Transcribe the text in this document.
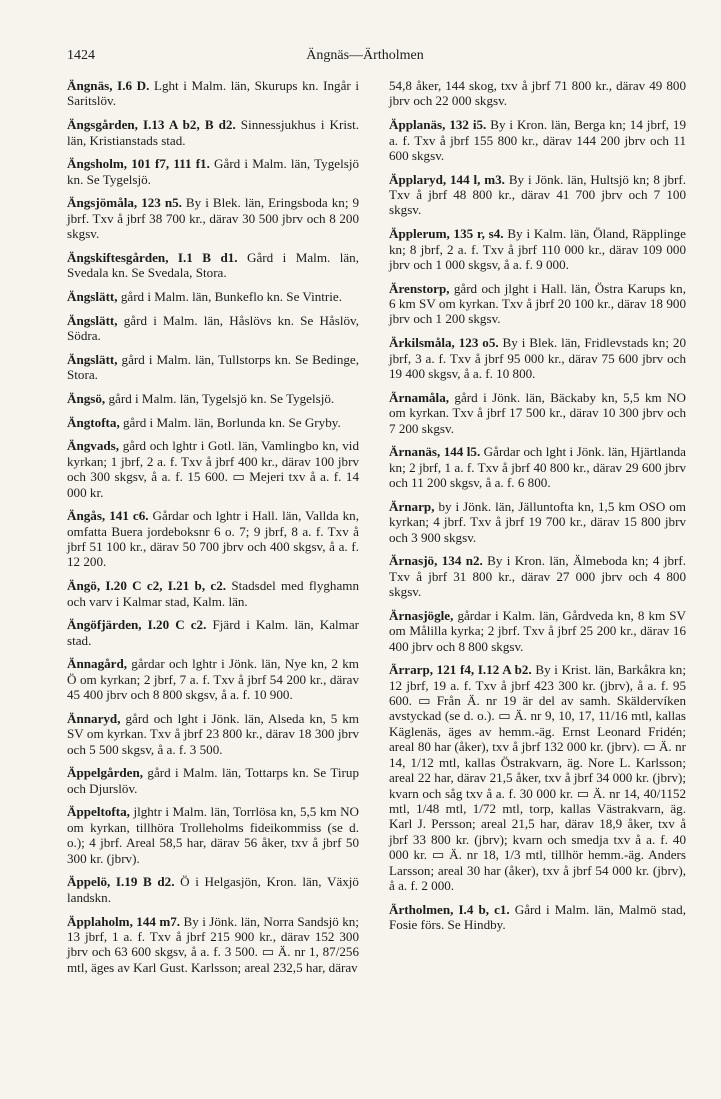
1424	Ängnäs—Ärtholmen

Ängnäs, I.6 D. Lght i Malm. län, Skurups kn. Ingår i Saritslöv.

Ängsgården, I.13 A b2, B d2. Sinnessjukhus i Krist. län, Kristianstads stad.

Ängsholm, 101 f7, 111 f1. Gård i Malm. län, Tygelsjö kn. Se Tygelsjö.

Ängsjömåla, 123 n5. By i Blek. län, Eringsboda kn; 9 jbrf. Txv å jbrf 38 700 kr., därav 30 500 jbrv och 8 200 skgsv.

Ängskiftesgården, I.1 B d1. Gård i Malm. län, Svedala kn. Se Svedala, Stora.

Ängslätt, gård i Malm. län, Bunkeflo kn. Se Vintrie.

Ängslätt, gård i Malm. län, Håslövs kn. Se Håslöv, Södra.

Ängslätt, gård i Malm. län, Tullstorps kn. Se Bedinge, Stora.

Ängsö, gård i Malm. län, Tygelsjö kn. Se Tygelsjö.

Ängtofta, gård i Malm. län, Borlunda kn. Se Gryby.

Ängvads, gård och lghtr i Gotl. län, Vamlingbo kn, vid kyrkan; 1 jbrf, 2 a. f. Txv å jbrf 400 kr., därav 100 jbrv och 300 skgsv, å a. f. 15 600. ▭ Mejeri txv å a. f. 14 000 kr.

Ängås, 141 c6. Gårdar och lghtr i Hall. län, Vallda kn, omfatta Buera jordeboksnr 6 o. 7; 9 jbrf, 8 a. f. Txv å jbrf 51 100 kr., därav 50 700 jbrv och 400 skgsv, å a. f. 12 200.

Ängö, I.20 C c2, I.21 b, c2. Stadsdel med flyghamn och varv i Kalmar stad, Kalm. län.

Ängöfjärden, I.20 C c2. Fjärd i Kalm. län, Kalmar stad.

Ännagård, gårdar och lghtr i Jönk. län, Nye kn, 2 km Ö om kyrkan; 2 jbrf, 7 a. f. Txv å jbrf 54 200 kr., därav 45 400 jbrv och 8 800 skgsv, å a. f. 10 900.

Ännaryd, gård och lght i Jönk. län, Alseda kn, 5 km SV om kyrkan. Txv å jbrf 23 800 kr., därav 18 300 jbrv och 5 500 skgsv, å a. f. 3 500.

Äppelgården, gård i Malm. län, Tottarps kn. Se Tirup och Djurslöv.

Äppeltofta, jlghtr i Malm. län, Torrlösa kn, 5,5 km NO om kyrkan, tillhöra Trolleholms fideikommiss (se d. o.); 4 jbrf. Areal 58,5 har, därav 56 åker, txv å jbrf 50 300 kr. (jbrv).

Äppelö, I.19 B d2. Ö i Helgasjön, Kron. län, Växjö landskn.

Äpplaholm, 144 m7. By i Jönk. län, Norra Sandsjö kn; 13 jbrf, 1 a. f. Txv å jbrf 215 900 kr., därav 152 300 jbrv och 63 600 skgsv, å a. f. 3 500. ▭ Ä. nr 1, 87/256 mtl, äges av Karl Gust. Karlsson; areal 232,5 har, därav

54,8 åker, 144 skog, txv å jbrf 71 800 kr., därav 49 800 jbrv och 22 000 skgsv.

Äpplanäs, 132 i5. By i Kron. län, Berga kn; 14 jbrf, 19 a. f. Txv å jbrf 155 800 kr., därav 144 200 jbrv och 11 600 skgsv.

Äpplaryd, 144 l, m3. By i Jönk. län, Hultsjö kn; 8 jbrf. Txv å jbrf 48 800 kr., därav 41 700 jbrv och 7 100 skgsv.

Äpplerum, 135 r, s4. By i Kalm. län, Öland, Räpplinge kn; 8 jbrf, 2 a. f. Txv å jbrf 110 000 kr., därav 109 000 jbrv och 1 000 skgsv, å a. f. 9 000.

Ärenstorp, gård och jlght i Hall. län, Östra Karups kn, 6 km SV om kyrkan. Txv å jbrf 20 100 kr., därav 18 900 jbrv och 1 200 skgsv.

Ärkilsmåla, 123 o5. By i Blek. län, Fridlevstads kn; 20 jbrf, 3 a. f. Txv å jbrf 95 000 kr., därav 75 600 jbrv och 19 400 skgsv, å a. f. 10 800.

Ärnamåla, gård i Jönk. län, Bäckaby kn, 5,5 km NO om kyrkan. Txv å jbrf 17 500 kr., därav 10 300 jbrv och 7 200 skgsv.

Ärnanäs, 144 l5. Gårdar och lght i Jönk. län, Hjärtlanda kn; 2 jbrf, 1 a. f. Txv å jbrf 40 800 kr., därav 29 600 jbrv och 11 200 skgsv, å a. f. 6 800.

Ärnarp, by i Jönk. län, Jälluntofta kn, 1,5 km OSO om kyrkan; 4 jbrf. Txv å jbrf 19 700 kr., därav 15 800 jbrv och 3 900 skgsv.

Ärnasjö, 134 n2. By i Kron. län, Älmeboda kn; 4 jbrf. Txv å jbrf 31 800 kr., därav 27 000 jbrv och 4 800 skgsv.

Ärnasjögle, gårdar i Kalm. län, Gårdveda kn, 8 km SV om Målilla kyrka; 2 jbrf. Txv å jbrf 25 200 kr., därav 16 400 jbrv och 8 800 skgsv.

Ärrarp, 121 f4, I.12 A b2. By i Krist. län, Barkåkra kn; 12 jbrf, 19 a. f. Txv å jbrf 423 300 kr. (jbrv), å a. f. 95 600. ▭ Från Ä. nr 19 är del av samh. Skäldervíken avstyckad (se d. o.). ▭ Ä. nr 9, 10, 17, 11/16 mtl, kallas Käglenäs, äges av hemm.-äg. Ernst Leonard Fridén; areal 80 har (åker), txv å jbrf 132 000 kr. (jbrv). ▭ Ä. nr 14, 1/12 mtl, kallas Östrakvarn, äg. Nore L. Karlsson; areal 22 har, därav 21,5 åker, txv å jbrf 34 000 kr. (jbrv); kvarn och såg txv å a. f. 30 000 kr. ▭ Ä. nr 14, 40/1152 mtl, 1/48 mtl, 1/72 mtl, torp, kallas Västrakvarn, äg. Karl J. Persson; areal 21,5 har, därav 18,9 åker, txv å jbrf 33 800 kr. (jbrv); kvarn och smedja txv å a. f. 40 000 kr. ▭ Ä. nr 18, 1/3 mtl, tillhör hemm.-äg. Anders Larsson; areal 30 har (åker), txv å jbrf 54 000 kr. (jbrv), å a. f. 2 000.

Ärtholmen, I.4 b, c1. Gård i Malm. län, Malmö stad, Fosie förs. Se Hindby.
